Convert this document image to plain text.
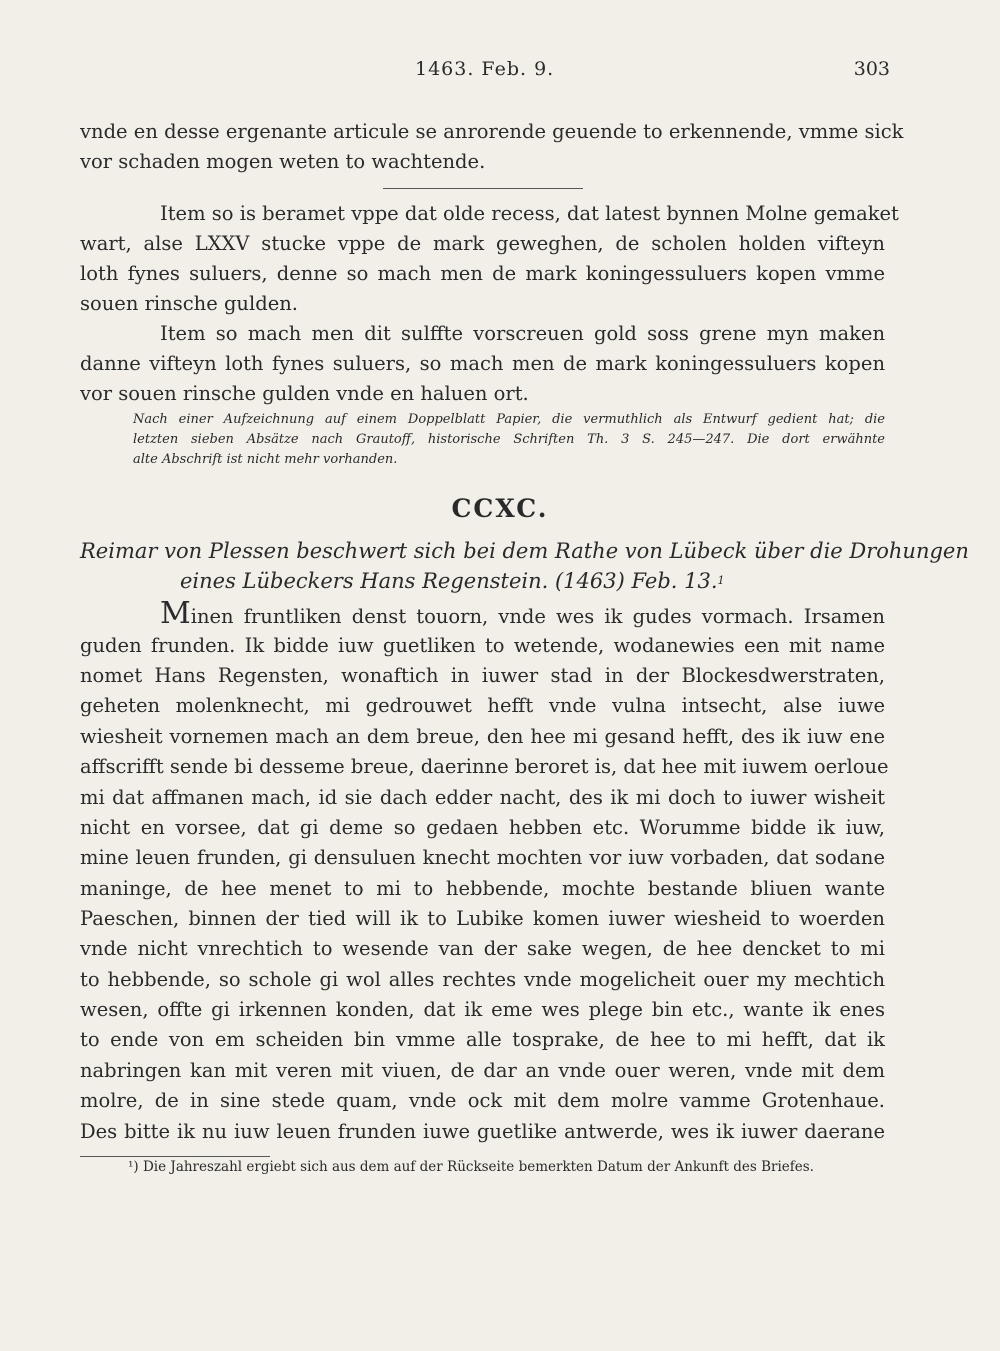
1463. Feb. 9.	303
vnde en desse ergenante articule se anrorende geuende to erkennende, vmme sick
vor schaden mogen weten to wachtende.
Item so is beramet vppe dat olde recess, dat latest bynnen Molne gemaket
wart, alse LXXV stucke vppe de mark geweghen, de scholen holden vifteyn
loth fynes suluers, denne so mach men de mark koningessuluers kopen vmme
souen rinsche gulden.
Item so mach men dit sulffte vorscreuen gold soss grene myn maken
danne vifteyn loth fynes suluers, so mach men de mark koningessuluers kopen
vor souen rinsche gulden vnde en haluen ort.
Nach einer Aufzeichnung auf einem Doppelblatt Papier, die vermuthlich als Entwurf gedient hat; die
letzten sieben Absätze nach Grautoff, historische Schriften Th. 3 S. 245—247. Die dort erwähnte
alte Abschrift ist nicht mehr vorhanden.
CCXC.
Reimar von Plessen beschwert sich bei dem Rathe von Lübeck über die Drohungen
eines Lübeckers Hans Regenstein. (1463) Feb. 13.$^1$
Minen fruntliken denst touorn, vnde wes ik gudes vormach. Irsamen
guden frunden. Ik bidde iuw guetliken to wetende, wodanewies een mit name
nomet Hans Regensten, wonaftich in iuwer stad in der Blockesdwerstraten,
geheten molenknecht, mi gedrouwet hefft vnde vulna intsecht, alse iuwe
wiesheit vornemen mach an dem breue, den hee mi gesand hefft, des ik iuw ene
affscrifft sende bi desseme breue, daerinne beroret is, dat hee mit iuwem oerloue
mi dat affmanen mach, id sie dach edder nacht, des ik mi doch to iuwer wisheit
nicht en vorsee, dat gi deme so gedaen hebben etc. Worumme bidde ik iuw,
mine leuen frunden, gi densuluen knecht mochten vor iuw vorbaden, dat sodane
maninge, de hee menet to mi to hebbende, mochte bestande bliuen wante
Paeschen, binnen der tied will ik to Lubike komen iuwer wiesheid to woerden
vnde nicht vnrechtich to wesende van der sake wegen, de hee dencket to mi
to hebbende, so schole gi wol alles rechtes vnde mogelicheit ouer my mechtich
wesen, offte gi irkennen konden, dat ik eme wes plege bin etc., wante ik enes
to ende von em scheiden bin vmme alle tosprake, de hee to mi hefft, dat ik
nabringen kan mit veren mit viuen, de dar an vnde ouer weren, vnde mit dem
molre, de in sine stede quam, vnde ock mit dem molre vamme Grotenhaue.
Des bitte ik nu iuw leuen frunden iuwe guetlike antwerde, wes ik iuwer daerane
¹) Die Jahreszahl ergiebt sich aus dem auf der Rückseite bemerkten Datum der Ankunft des Briefes.
